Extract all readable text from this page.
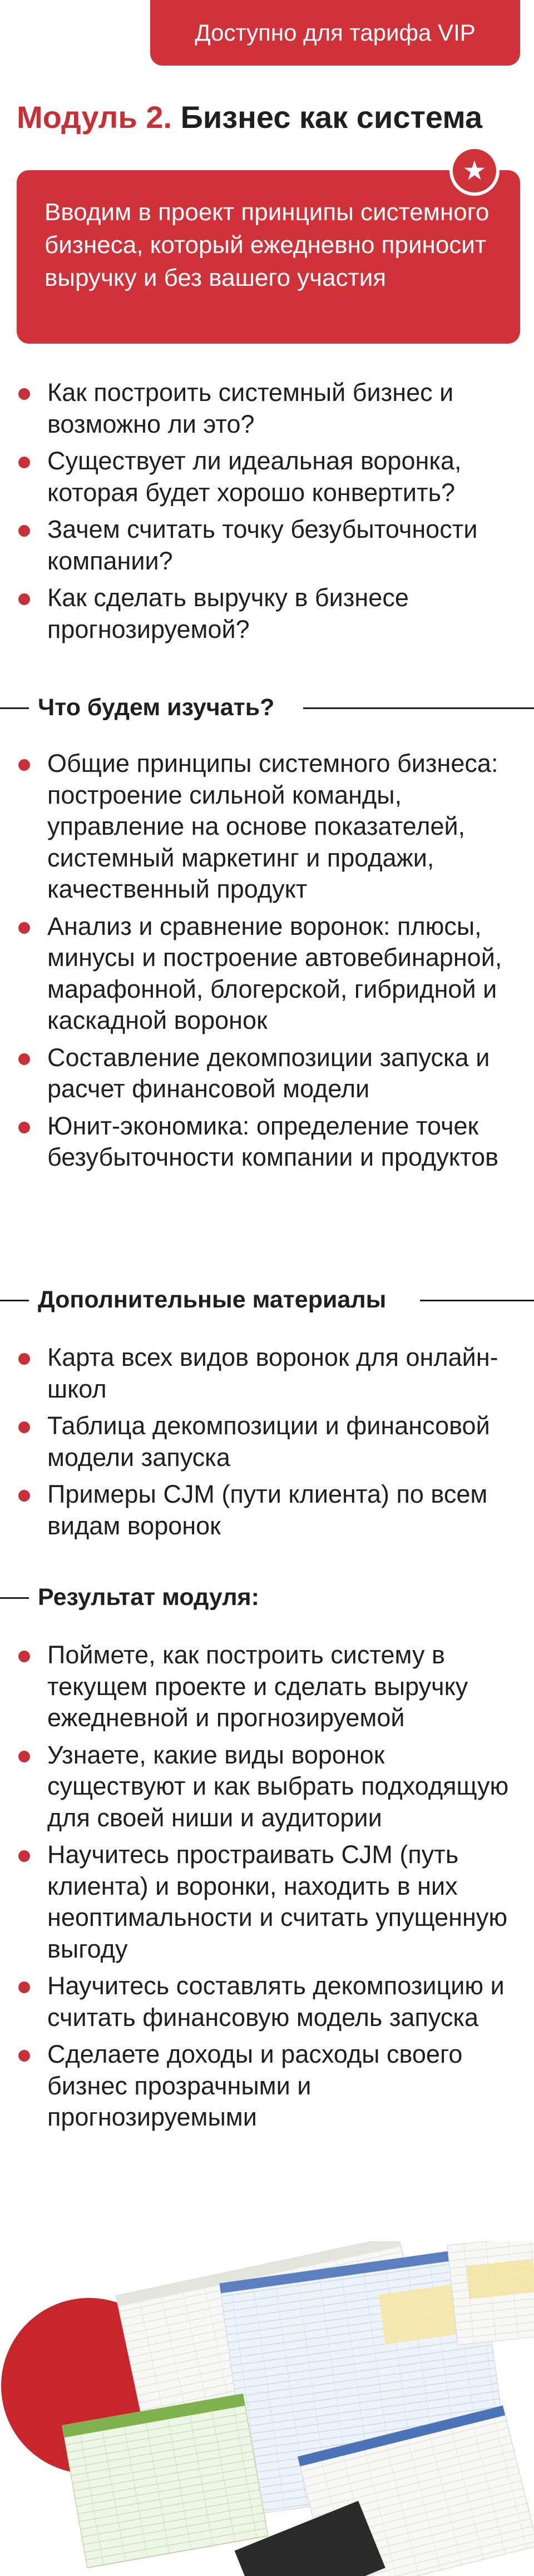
Доступно для тарифа VIP
Модуль 2. Бизнес как система
Вводим в проект принципы системного бизнеса, который ежедневно приносит выручку и без вашего участия
★
Как построить системный бизнес и возможно ли это?
Существует ли идеальная воронка, которая будет хорошо конвертить?
Зачем считать точку безубыточности компании?
Как сделать выручку в бизнесе прогнозируемой?
Что будем изучать?
Общие принципы системного бизнеса: построение сильной команды, управление на основе показателей, системный маркетинг и продажи, качественный продукт
Анализ и сравнение воронок: плюсы, минусы и построение автовебинарной, марафонной, блогерской, гибридной и каскадной воронок
Составление декомпозиции запуска и расчет финансовой модели
Юнит-экономика: определение точек безубыточности компании и продуктов
Дополнительные материалы
Карта всех видов воронок для онлайн-школ
Таблица декомпозиции и финансовой модели запуска
Примеры CJM (пути клиента) по всем видам воронок
Результат модуля:
Поймете, как построить систему в текущем проекте и сделать выручку ежедневной и прогнозируемой
Узнаете, какие виды воронок существуют и как выбрать подходящую для своей ниши и аудитории
Научитесь простраивать CJM (путь клиента) и воронки, находить в них неоптимальности и считать упущенную выгоду
Научитесь составлять декомпозицию и считать финансовую модель запуска
Сделаете доходы и расходы своего бизнес прозрачными и прогнозируемыми
